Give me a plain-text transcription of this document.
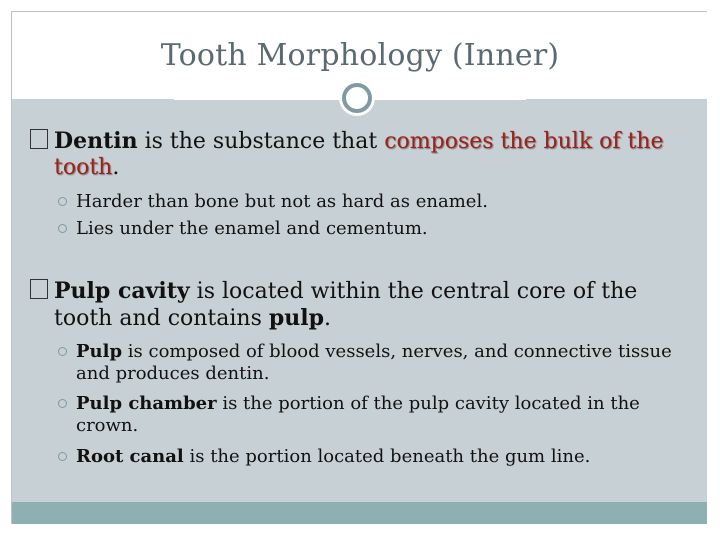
Tooth Morphology (Inner)
Dentin is the substance that composes the bulk of the tooth.
Harder than bone but not as hard as enamel.
Lies under the enamel and cementum.
Pulp cavity is located within the central core of the tooth and contains pulp.
Pulp is composed of blood vessels, nerves, and connective tissue and produces dentin.
Pulp chamber is the portion of the pulp cavity located in the crown.
Root canal is the portion located beneath the gum line.
